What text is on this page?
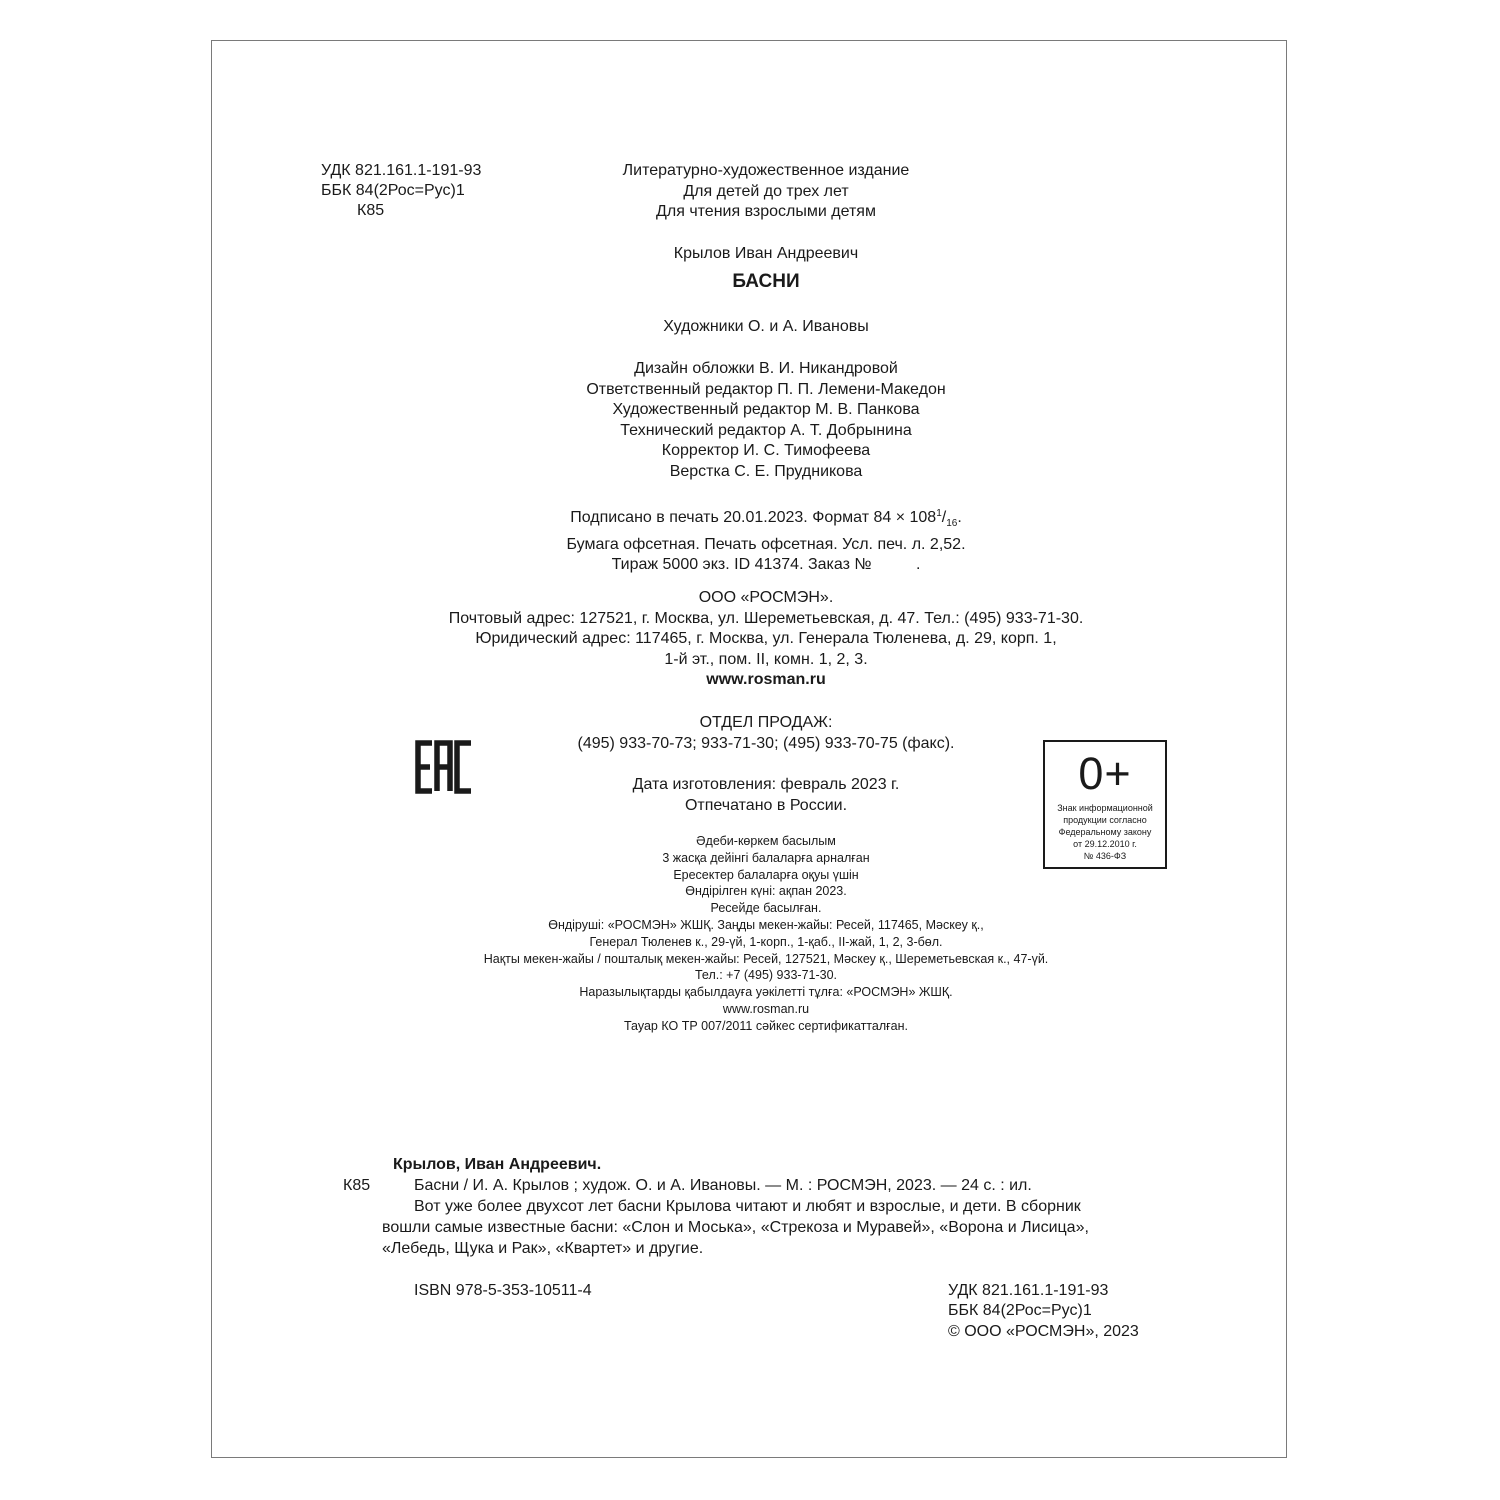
УДК 821.161.1-191-93
ББК 84(2Рос=Рус)1
К85
Литературно-художественное издание
Для детей до трех лет
Для чтения взрослыми детям
Крылов Иван Андреевич
БАСНИ
Художники О. и А. Ивановы
Дизайн обложки В. И. Никандровой
Ответственный редактор П. П. Лемени-Македон
Художественный редактор М. В. Панкова
Технический редактор А. Т. Добрынина
Корректор И. С. Тимофеева
Верстка С. Е. Прудникова
Подписано в печать 20.01.2023. Формат $84 \times 108^1/_{16}$.
Бумага офсетная. Печать офсетная. Усл. печ. л. 2,52.
Тираж 5000 экз. ID 41374. Заказ №          .
ООО «РОСМЭН».
Почтовый адрес: 127521, г. Москва, ул. Шереметьевская, д. 47. Тел.: (495) 933-71-30.
Юридический адрес: 117465, г. Москва, ул. Генерала Тюленева, д. 29, корп. 1,
1-й эт., пом. II, комн. 1, 2, 3.
www.rosman.ru
ОТДЕЛ ПРОДАЖ:
(495) 933-70-73; 933-71-30; (495) 933-70-75 (факс).
Дата изготовления: февраль 2023 г.
Отпечатано в России.
0+
Знак информационной
продукции согласно
Федеральному закону
от 29.12.2010 г.
№ 436-ФЗ
Әдеби-көркем басылым
3 жасқа дейінгі балаларға арналған
Ересектер балаларға оқуы үшін
Өндірілген күні: ақпан 2023.
Ресейде басылған.
Өндіруші: «РОСМЭН» ЖШҚ. Заңды мекен-жайы: Ресей, 117465, Мәскеу қ.,
Генерал Тюленев к., 29-үй, 1-корп., 1-қаб., II-жай, 1, 2, 3-бөл.
Нақты мекен-жайы / пошталық мекен-жайы: Ресей, 127521, Мәскеу қ., Шереметьевская к., 47-үй.
Тел.: +7 (495) 933-71-30.
Наразылықтарды қабылдауға уәкілетті тұлға: «РОСМЭН» ЖШҚ.
www.rosman.ru
Тауар КО ТР 007/2011 сәйкес сертификатталған.
Крылов, Иван Андреевич.
К85	Басни / И. А. Крылов ; худож. О. и А. Ивановы. — М. : РОСМЭН, 2023. — 24 с. : ил.
Вот уже более двухсот лет басни Крылова читают и любят и взрослые, и дети. В сборник
вошли самые известные басни: «Слон и Моська», «Стрекоза и Муравей», «Ворона и Лисица»,
«Лебедь, Щука и Рак», «Квартет» и другие.
ISBN 978-5-353-10511-4	УДК 821.161.1-191-93
ББК 84(2Рос=Рус)1
© ООО «РОСМЭН», 2023
